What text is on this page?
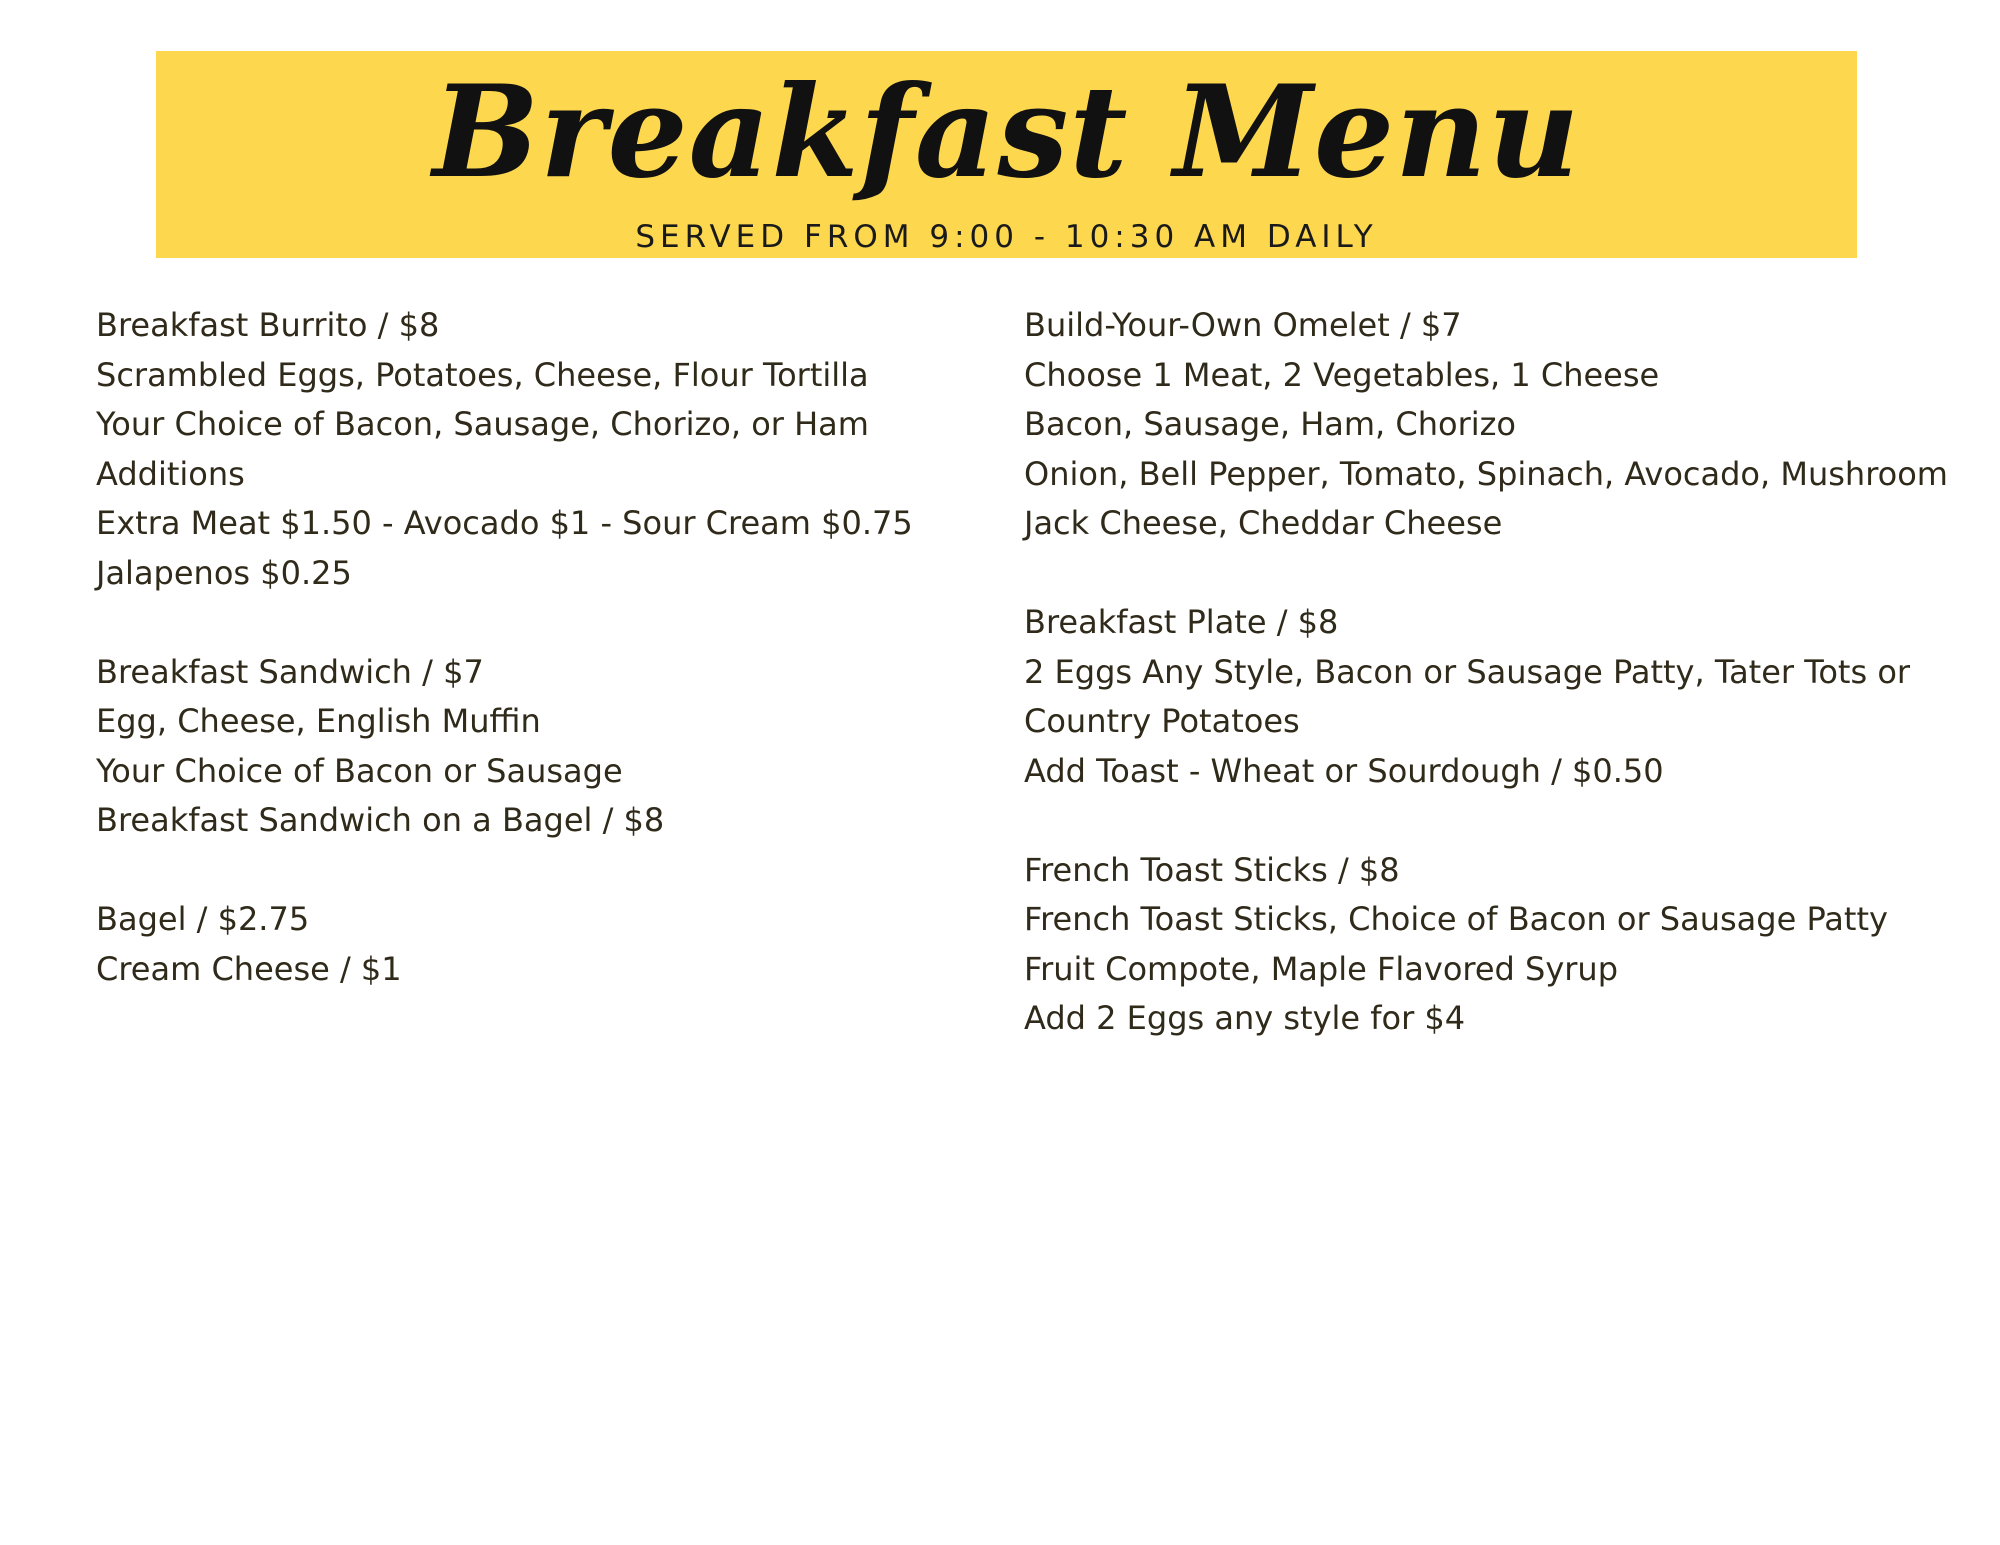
Breakfast Menu
SERVED FROM 9:00 - 10:30 AM DAILY
Breakfast Burrito / $8
Scrambled Eggs, Potatoes, Cheese, Flour Tortilla
Your Choice of Bacon, Sausage, Chorizo, or Ham
Additions
Extra Meat $1.50 - Avocado $1 - Sour Cream $0.75
Jalapenos $0.25
Breakfast Sandwich / $7
Egg, Cheese, English Muffin
Your Choice of Bacon or Sausage
Breakfast Sandwich on a Bagel / $8
Bagel / $2.75
Cream Cheese / $1
Build-Your-Own Omelet / $7
Choose 1 Meat, 2 Vegetables, 1 Cheese
Bacon, Sausage, Ham, Chorizo
Onion, Bell Pepper, Tomato, Spinach, Avocado, Mushroom
Jack Cheese, Cheddar Cheese
Breakfast Plate / $8
2 Eggs Any Style, Bacon or Sausage Patty, Tater Tots or
Country Potatoes
Add Toast - Wheat or Sourdough / $0.50
French Toast Sticks / $8
French Toast Sticks, Choice of Bacon or Sausage Patty
Fruit Compote, Maple Flavored Syrup
Add 2 Eggs any style for $4
